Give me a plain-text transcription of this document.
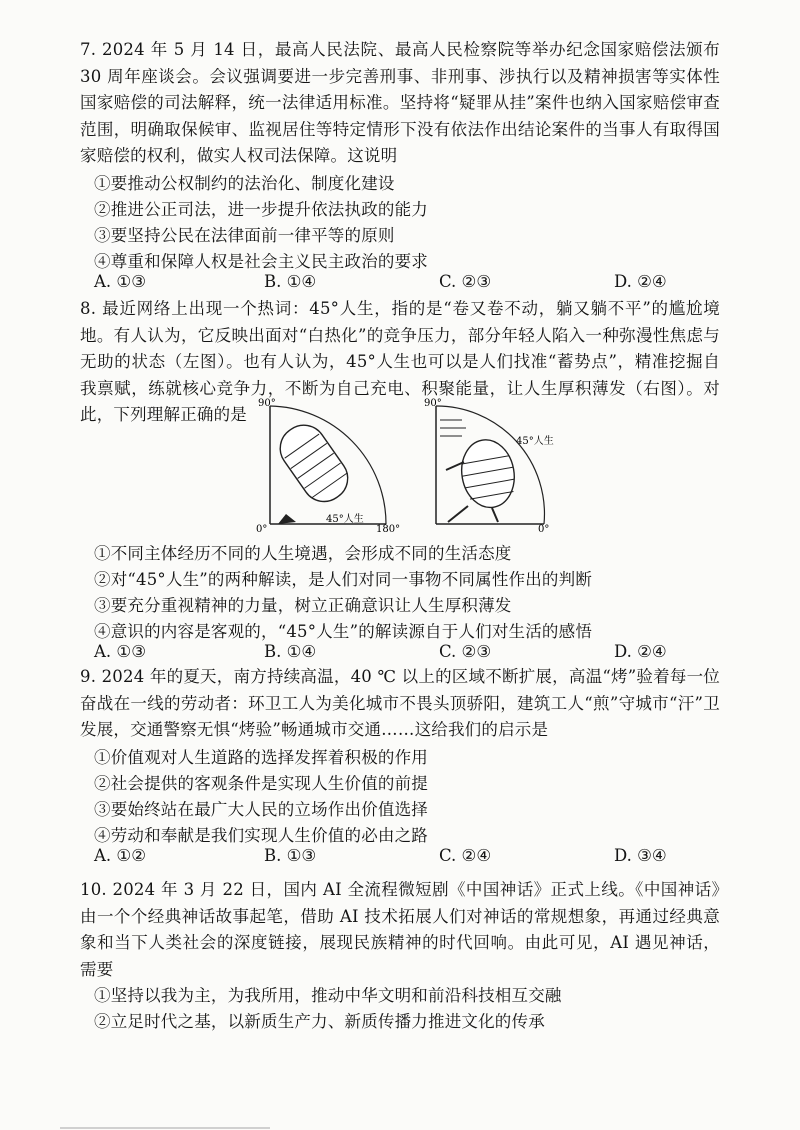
7. 2024 年 5 月 14 日，最高人民法院、最高人民检察院等举办纪念国家赔偿法颁布 30 周年座谈会。会议强调要进一步完善刑事、非刑事、涉执行以及精神损害等实体性国家赔偿的司法解释，统一法律适用标准。坚持将“疑罪从挂”案件也纳入国家赔偿审查范围，明确取保候审、监视居住等特定情形下没有依法作出结论案件的当事人有取得国家赔偿的权利，做实人权司法保障。这说明
①要推动公权制约的法治化、制度化建设
②推进公正司法，进一步提升依法执政的能力
③要坚持公民在法律面前一律平等的原则
④尊重和保障人权是社会主义民主政治的要求
A. ①③	B. ①④	C. ②③	D. ②④
8. 最近网络上出现一个热词：45°人生，指的是“卷又卷不动，躺又躺不平”的尴尬境地。有人认为，它反映出面对“白热化”的竞争压力，部分年轻人陷入一种弥漫性焦虑与无助的状态（左图）。也有人认为，45°人生也可以是人们找准“蓄势点”，精准挖掘自我禀赋，练就核心竞争力，不断为自己充电、积聚能量，让人生厚积薄发（右图）。对此，下列理解正确的是
90°
0°	180°
45°人生
90°
0°
45°人生
①不同主体经历不同的人生境遇，会形成不同的生活态度
②对“45°人生”的两种解读，是人们对同一事物不同属性作出的判断
③要充分重视精神的力量，树立正确意识让人生厚积薄发
④意识的内容是客观的，“45°人生”的解读源自于人们对生活的感悟
A. ①③	B. ①④	C. ②③	D. ②④
9. 2024 年的夏天，南方持续高温，40 ℃ 以上的区域不断扩展，高温“烤”验着每一位奋战在一线的劳动者：环卫工人为美化城市不畏头顶骄阳，建筑工人“煎”守城市“汗”卫发展，交通警察无惧“烤验”畅通城市交通……这给我们的启示是
①价值观对人生道路的选择发挥着积极的作用
②社会提供的客观条件是实现人生价值的前提
③要始终站在最广大人民的立场作出价值选择
④劳动和奉献是我们实现人生价值的必由之路
A. ①②	B. ①③	C. ②④	D. ③④
10. 2024 年 3 月 22 日，国内 AI 全流程微短剧《中国神话》正式上线。《中国神话》由一个个经典神话故事起笔，借助 AI 技术拓展人们对神话的常规想象，再通过经典意象和当下人类社会的深度链接，展现民族精神的时代回响。由此可见，AI 遇见神话，需要
①坚持以我为主，为我所用，推动中华文明和前沿科技相互交融
②立足时代之基，以新质生产力、新质传播力推进文化的传承
